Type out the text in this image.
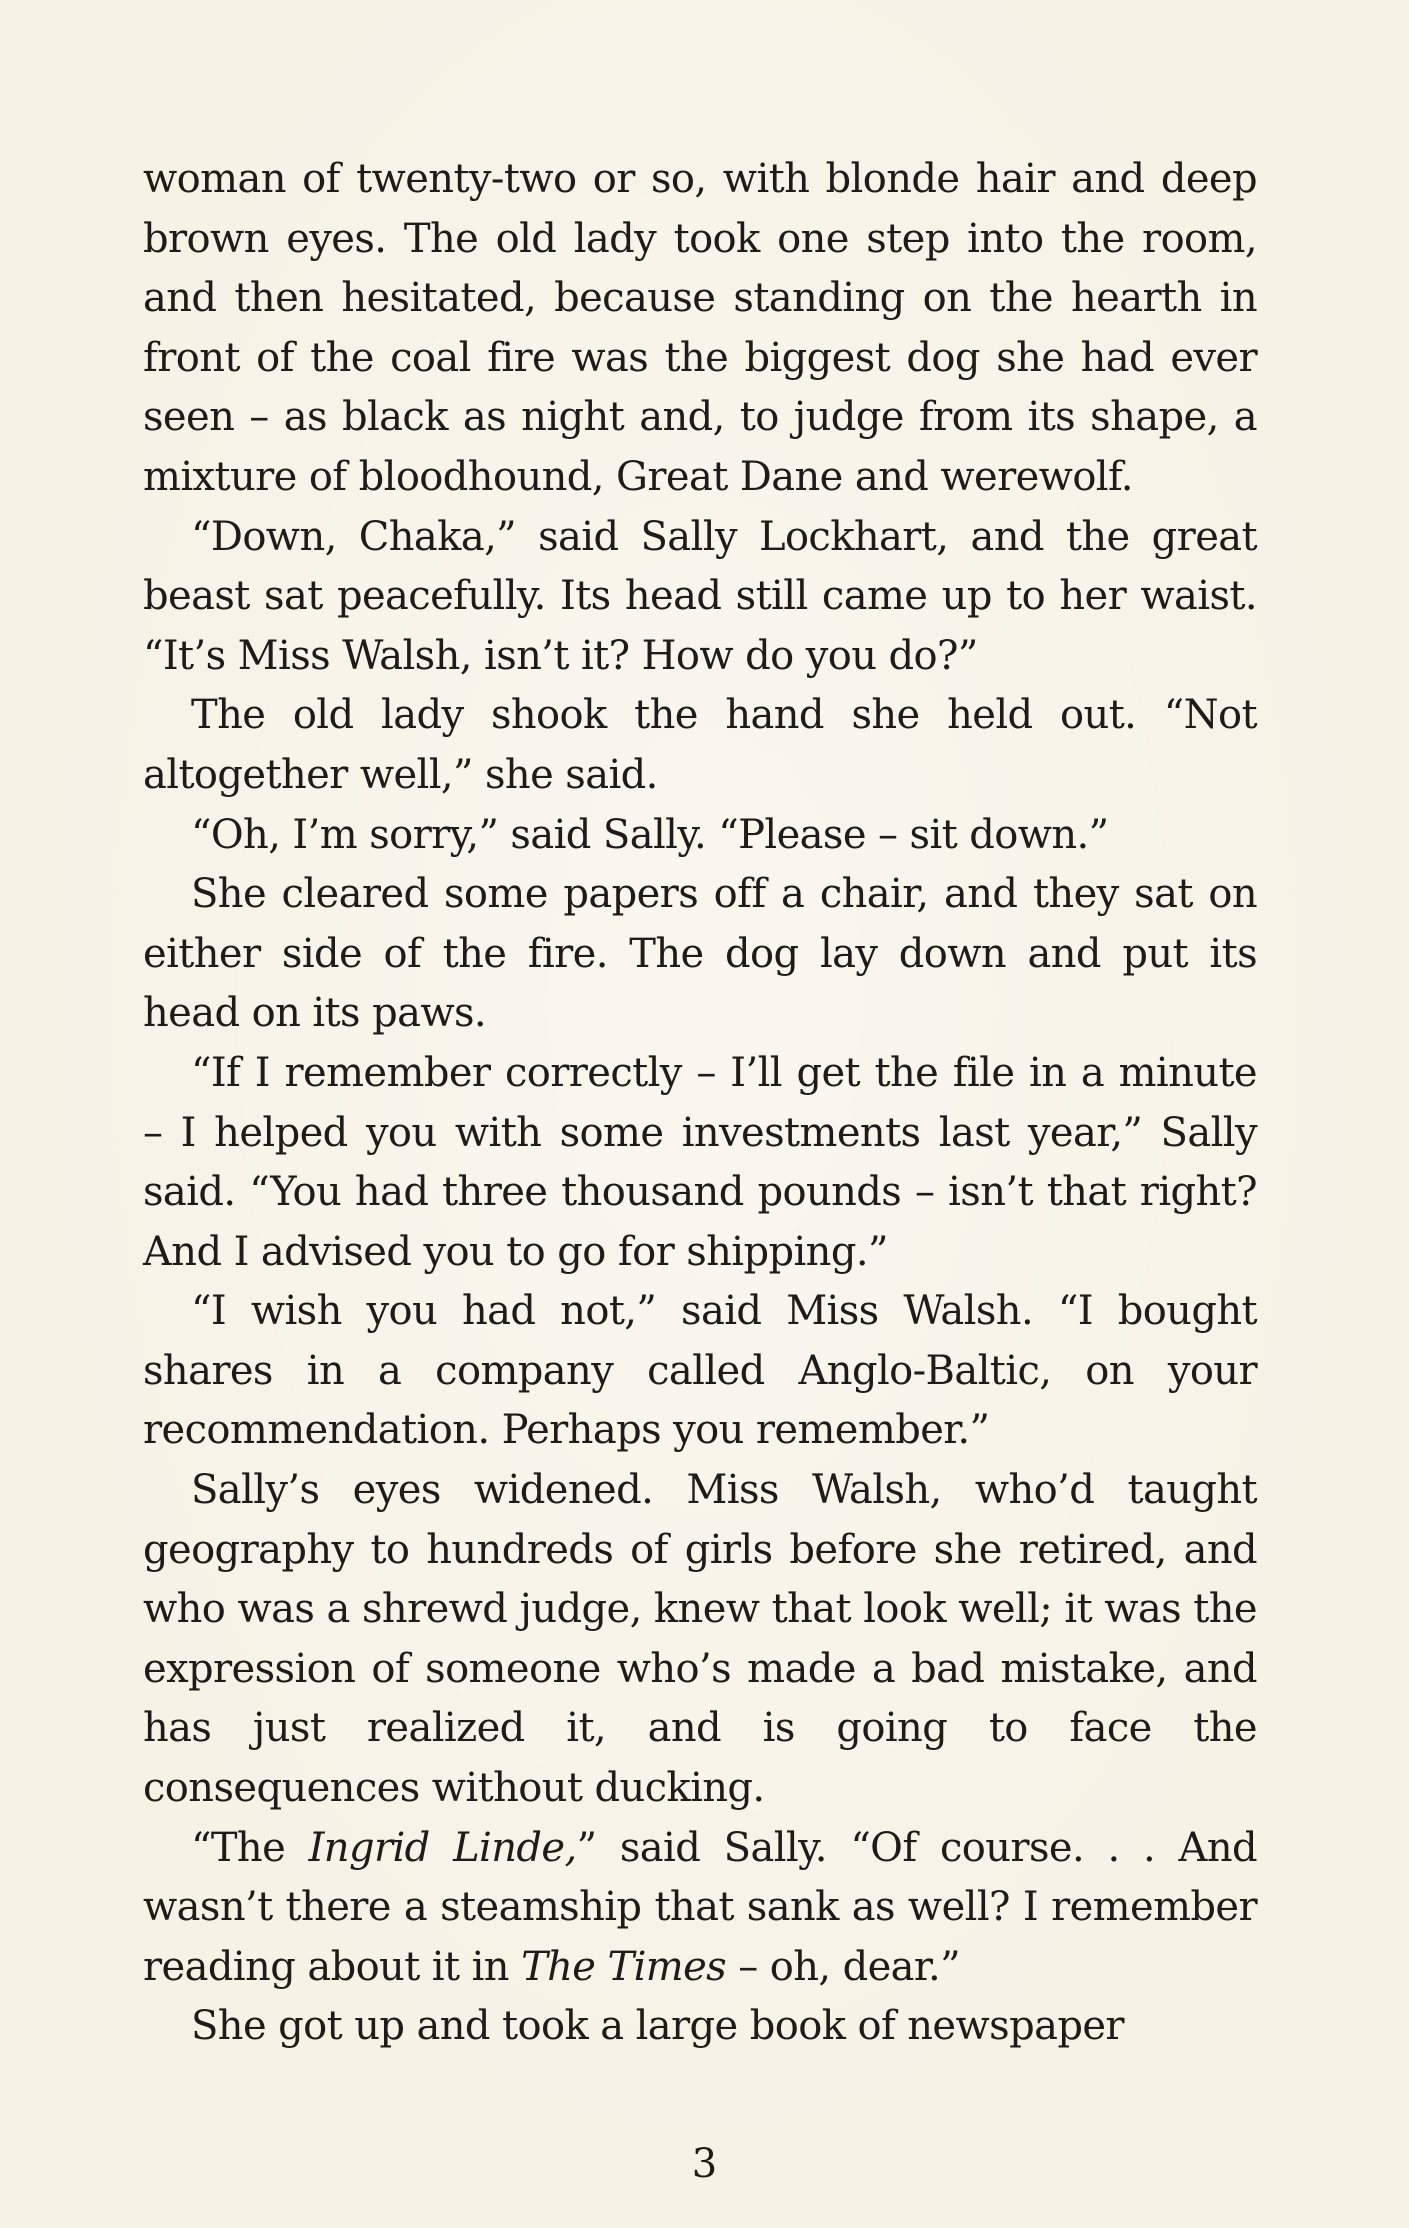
woman of twenty-two or so, with blonde hair and deep brown eyes. The old lady took one step into the room, and then hesitated, because standing on the hearth in front of the coal fire was the biggest dog she had ever seen – as black as night and, to judge from its shape, a mixture of bloodhound, Great Dane and werewolf.

“Down, Chaka,” said Sally Lockhart, and the great beast sat peacefully. Its head still came up to her waist. “It’s Miss Walsh, isn’t it? How do you do?”

The old lady shook the hand she held out. “Not altogether well,” she said.

“Oh, I’m sorry,” said Sally. “Please – sit down.”

She cleared some papers off a chair, and they sat on either side of the fire. The dog lay down and put its head on its paws.

“If I remember correctly – I’ll get the file in a minute – I helped you with some investments last year,” Sally said. “You had three thousand pounds – isn’t that right? And I advised you to go for shipping.”

“I wish you had not,” said Miss Walsh. “I bought shares in a company called Anglo-Baltic, on your recommendation. Perhaps you remember.”

Sally’s eyes widened. Miss Walsh, who’d taught geography to hundreds of girls before she retired, and who was a shrewd judge, knew that look well; it was the expression of someone who’s made a bad mistake, and has just realized it, and is going to face the consequences without ducking.

“The Ingrid Linde,” said Sally. “Of course. . . And wasn’t there a steamship that sank as well? I remember reading about it in The Times – oh, dear.”

She got up and took a large book of newspaper

3
